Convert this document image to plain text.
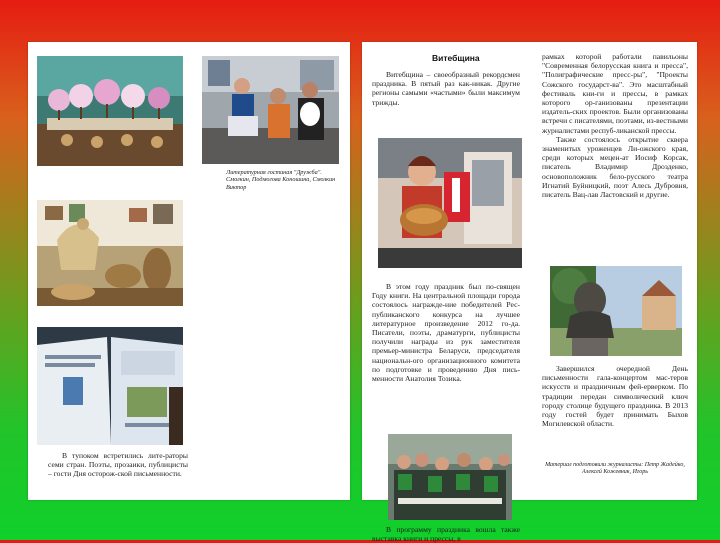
Литературная гостиная "Дружба". Смолкин, Подмогова Коношина, Смолкин Виктор

В тупоком встретились лите-раторы семи стран. Поэты, прозаики, публицисты – гости Дня осторож-ской письменности.

Витебщина

Витебщина – своеобразный рекордсмен праздника. В пятый раз как-никак. Другие регионы самыми «частыми» были максимум трижды.

В этом году праздник был по-священ Году книги. На центральной площади города состоялось награжде-ние победителей Рес-публиканского конкурса на лучшее литературное произведение 2012 го-да. Писатели, поэты, драматурги, публицисты получили награды из рук заместителя премьер-министра Беларуси, председателя национальн-ого организационного комитета по подготовке и проведению Дня пись-менности Анатолия Тозика.

В программу праздника вошла также выставка книги и прессы, в

рамках которой работали павильоны "Современная белорусская книга и пресса", "Полиграфические пресс-ры", "Проекты Сожского государст-ва". Это масштабный фестиваль кни-ги и прессы, в рамках которого ор-ганизованы презентации издатель-ских проектов. Были организованы встречи с писателями, поэтами, из-вестными журналистами респуб-ликанской прессы.

Также состоялось открытие сквера знаменитых уроженцев Ли-ожского края, среди которых мецен-ат Иосиф Корсак, писатель Владимир Дрозденко, основоположник бело-русского театра Игнатий Буйницкий, поэт Алесь Дубровня, писатель Вац-лав Ластовский и другие.

Завершился очередной День письменности гала-концертом мас-теров искусств и праздничным фей-ерверком. По традиции передан символический ключ городу столице будущего праздника. В 2013 году гостей будет принимать Быхов Могилевской области.

Материал подготовили журналисты: Петр Жадейко, Алексей Кожевник, Игорь
